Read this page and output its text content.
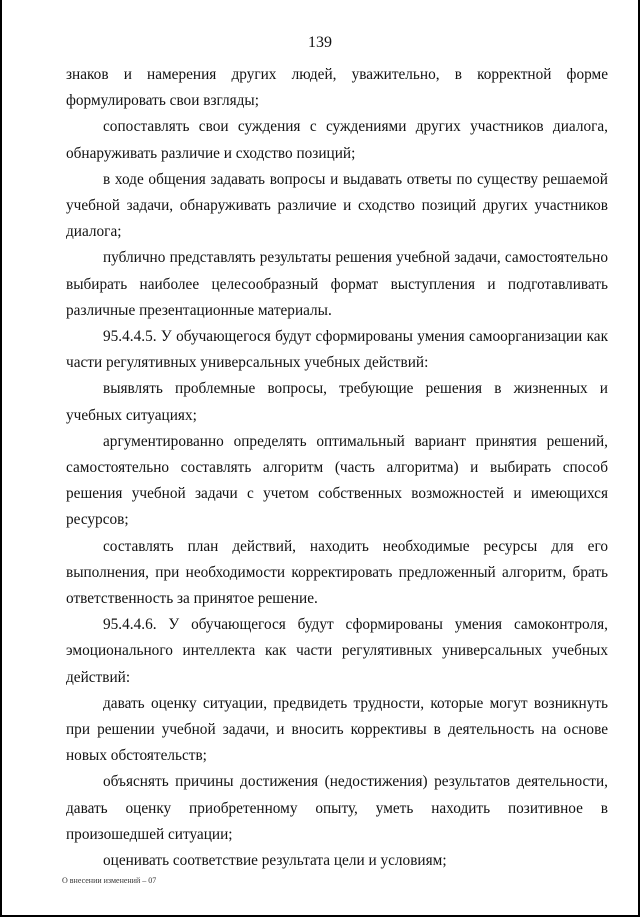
139

знаков и намерения других людей, уважительно, в корректной форме формулировать свои взгляды;

сопоставлять свои суждения с суждениями других участников диалога, обнаруживать различие и сходство позиций;

в ходе общения задавать вопросы и выдавать ответы по существу решаемой учебной задачи, обнаруживать различие и сходство позиций других участников диалога;

публично представлять результаты решения учебной задачи, самостоятельно выбирать наиболее целесообразный формат выступления и подготавливать различные презентационные материалы.

95.4.4.5. У обучающегося будут сформированы умения самоорганизации как части регулятивных универсальных учебных действий:

выявлять проблемные вопросы, требующие решения в жизненных и учебных ситуациях;

аргументированно определять оптимальный вариант принятия решений, самостоятельно составлять алгоритм (часть алгоритма) и выбирать способ решения учебной задачи с учетом собственных возможностей и имеющихся ресурсов;

составлять план действий, находить необходимые ресурсы для его выполнения, при необходимости корректировать предложенный алгоритм, брать ответственность за принятое решение.

95.4.4.6. У обучающегося будут сформированы умения самоконтроля, эмоционального интеллекта как части регулятивных универсальных учебных действий:

давать оценку ситуации, предвидеть трудности, которые могут возникнуть при решении учебной задачи, и вносить коррективы в деятельность на основе новых обстоятельств;

объяснять причины достижения (недостижения) результатов деятельности, давать оценку приобретенному опыту, уметь находить позитивное в произошедшей ситуации;

оценивать соответствие результата цели и условиям;

О внесении изменений – 07
